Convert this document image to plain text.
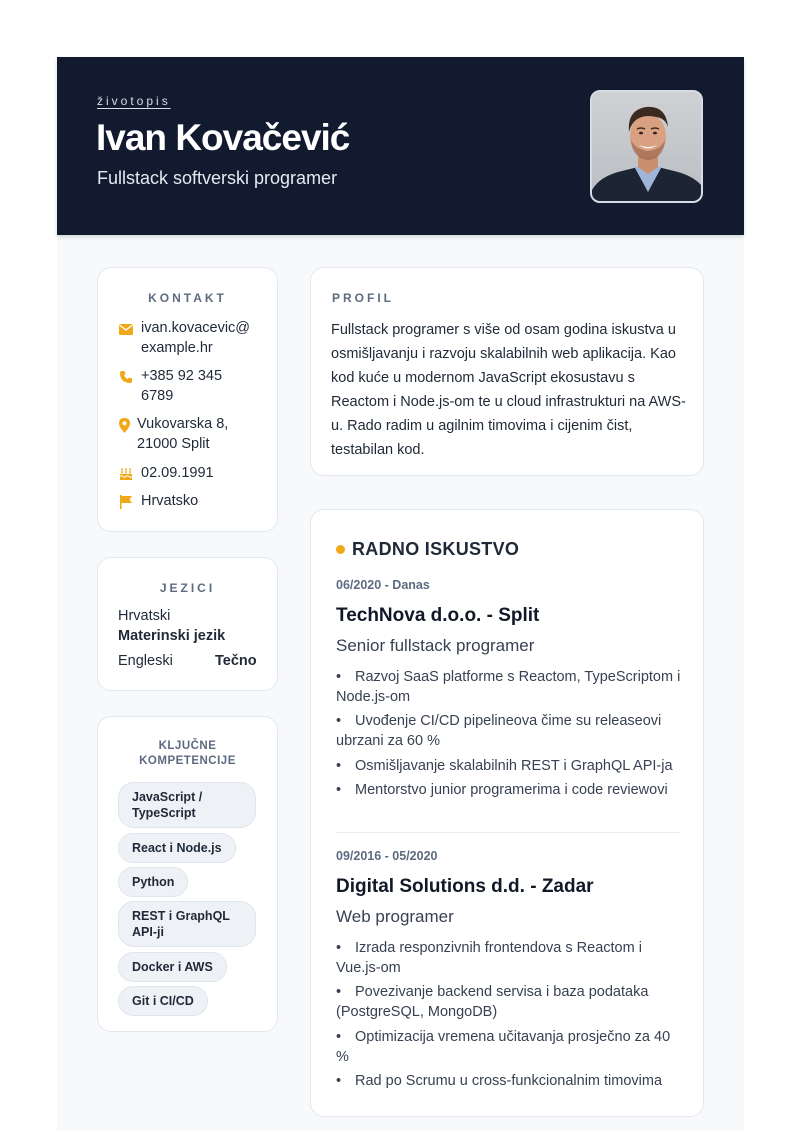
životopis
Ivan Kovačević
Fullstack softverski programer
KONTAKT
ivan.kovacevic@
example.hr
+385 92 345
6789
Vukovarska 8,
21000 Split
02.09.1991
Hrvatsko
JEZICI
Hrvatski
Materinski jezik
Engleski	Tečno
KLJUČNE
KOMPETENCIJE
JavaScript /
TypeScript
React i Node.js
Python
REST i GraphQL
API-ji
Docker i AWS
Git i CI/CD
PROFIL
Fullstack programer s više od osam godina iskustva u osmišljavanju i razvoju skalabilnih web aplikacija. Kao kod kuće u modernom JavaScript ekosustavu s Reactom i Node.js-om te u cloud infrastrukturi na AWS-u. Rado radim u agilnim timovima i cijenim čist, testabilan kod.
RADNO ISKUSTVO
06/2020 - Danas
TechNova d.o.o. - Split
Senior fullstack programer
• Razvoj SaaS platforme s Reactom, TypeScriptom i Node.js-om
• Uvođenje CI/CD pipelineova čime su releaseovi ubrzani za 60 %
• Osmišljavanje skalabilnih REST i GraphQL API-ja
• Mentorstvo junior programerima i code reviewovi
09/2016 - 05/2020
Digital Solutions d.d. - Zadar
Web programer
• Izrada responzivnih frontendova s Reactom i Vue.js-om
• Povezivanje backend servisa i baza podataka (PostgreSQL, MongoDB)
• Optimizacija vremena učitavanja prosječno za 40 %
• Rad po Scrumu u cross-funkcionalnim timovima
